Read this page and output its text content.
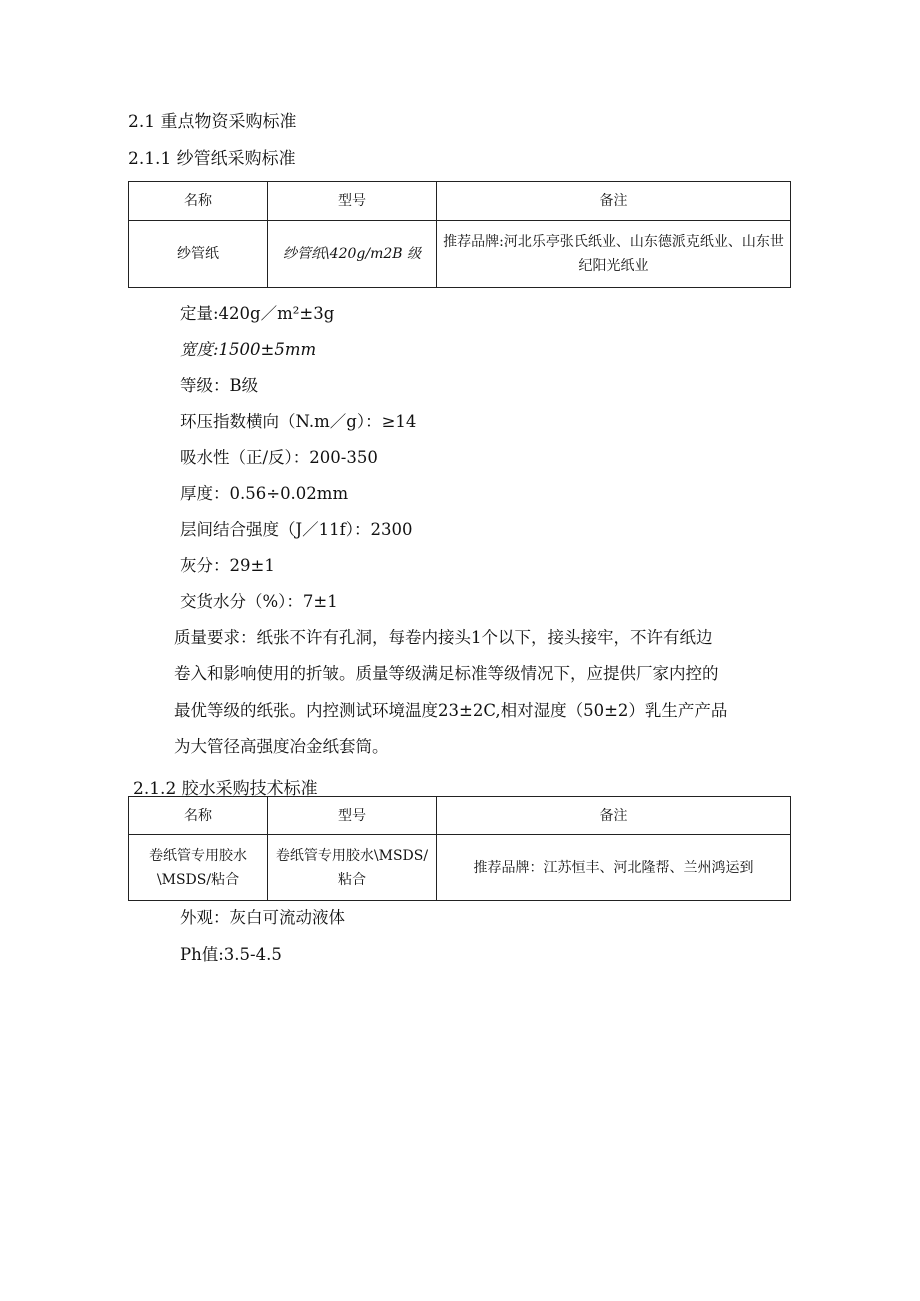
2.1 重点物资采购标准
2.1.1 纱管纸采购标准
名称	型号	备注
纱管纸	纱管纸\420g/m2B 级	推荐品牌:河北乐亭张氏纸业、山东德派克纸业、山东世纪阳光纸业
定量:420g／m²±3g
宽度:1500±5mm
等级：B级
环压指数横向（N.m／g）：≥14
吸水性（正/反）：200-350
厚度：0.56÷0.02mm
层间结合强度（J／11f）：2300
灰分：29±1
交货水分（%）：7±1
质量要求：纸张不许有孔洞，每卷内接头1个以下，接头接牢，不许有纸边
卷入和影响使用的折皱。质量等级满足标准等级情况下，应提供厂家内控的
最优等级的纸张。内控测试环境温度23±2C,相对湿度（50±2）乳生产产品
为大管径高强度冶金纸套筒。
2.1.2 胶水采购技术标准
名称	型号	备注
卷纸管专用胶水\MSDS/粘合	卷纸管专用胶水\MSDS/粘合	推荐品牌：江苏恒丰、河北隆帮、兰州鸿运到
外观：灰白可流动液体
Ph值:3.5-4.5
